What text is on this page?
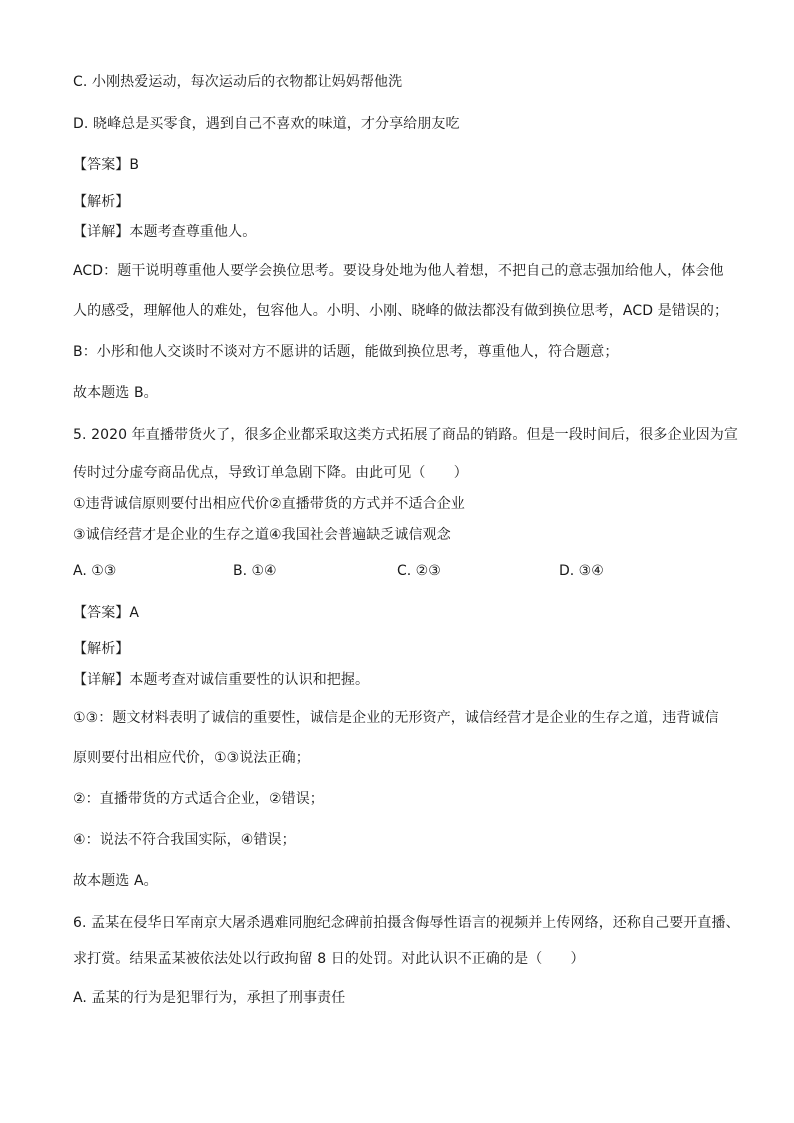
C. 小刚热爱运动，每次运动后的衣物都让妈妈帮他洗
D. 晓峰总是买零食，遇到自己不喜欢的味道，才分享给朋友吃
【答案】B
【解析】
【详解】本题考查尊重他人。
ACD：题干说明尊重他人要学会换位思考。要设身处地为他人着想，不把自己的意志强加给他人，体会他
人的感受，理解他人的难处，包容他人。小明、小刚、晓峰的做法都没有做到换位思考，ACD 是错误的；
B：小彤和他人交谈时不谈对方不愿讲的话题，能做到换位思考，尊重他人，符合题意；
故本题选 B。
5. 2020 年直播带货火了，很多企业都采取这类方式拓展了商品的销路。但是一段时间后，很多企业因为宣
传时过分虚夸商品优点，导致订单急剧下降。由此可见（　　）
①违背诚信原则要付出相应代价②直播带货的方式并不适合企业
③诚信经营才是企业的生存之道④我国社会普遍缺乏诚信观念
A. ①③	B. ①④	C. ②③	D. ③④
【答案】A
【解析】
【详解】本题考查对诚信重要性的认识和把握。
①③：题文材料表明了诚信的重要性，诚信是企业的无形资产，诚信经营才是企业的生存之道，违背诚信
原则要付出相应代价，①③说法正确；
②：直播带货的方式适合企业，②错误；
④：说法不符合我国实际，④错误；
故本题选 A。
6. 孟某在侵华日军南京大屠杀遇难同胞纪念碑前拍摄含侮辱性语言的视频并上传网络，还称自己要开直播、
求打赏。结果孟某被依法处以行政拘留 8 日的处罚。对此认识不正确的是（　　）
A. 孟某的行为是犯罪行为，承担了刑事责任
